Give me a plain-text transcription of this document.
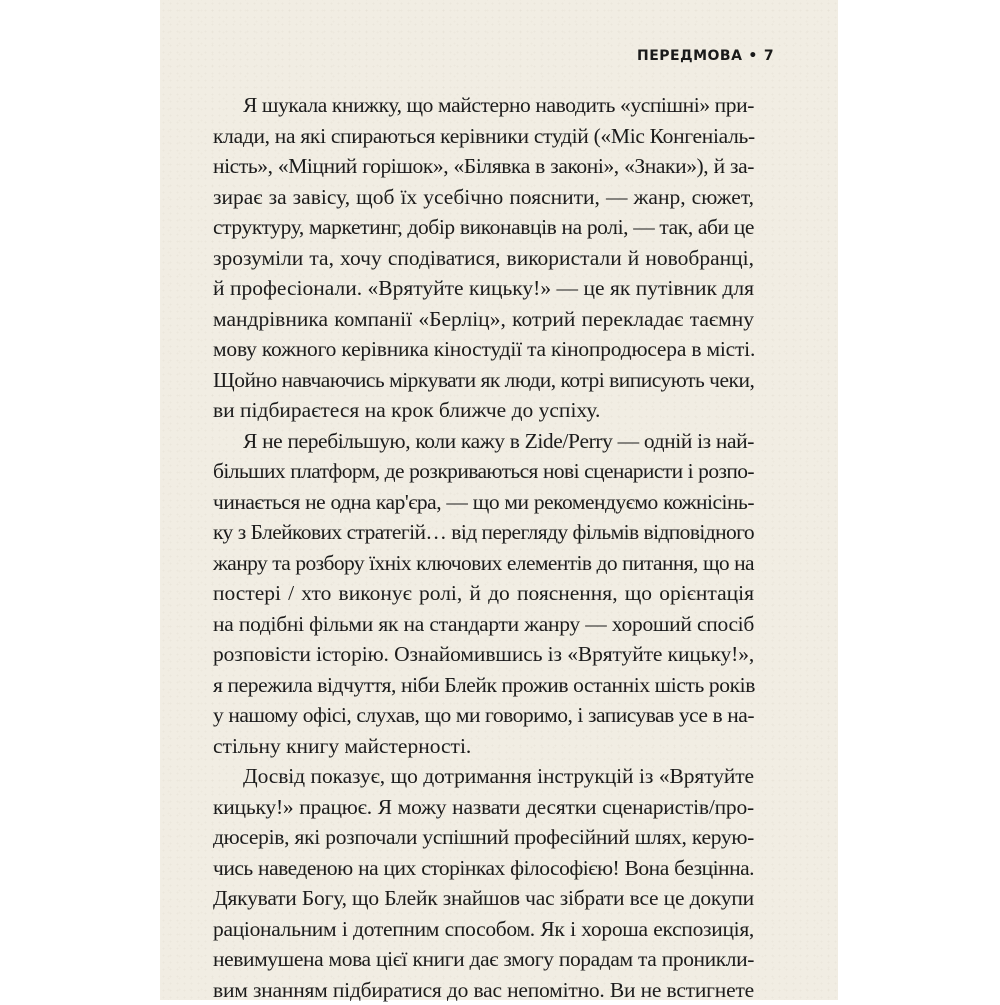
ПЕРЕДМОВА • 7
Я шукала книжку, що майстерно наводить «успішні» при-
клади, на які спираються керівники студій («Міс Конгеніаль-
ність», «Міцний горішок», «Білявка в законі», «Знаки»), й за-
зирає за завісу, щоб їх усебічно пояснити, — жанр, сюжет,
структуру, маркетинг, добір виконавців на ролі, — так, аби це
зрозуміли та, хочу сподіватися, використали й новобранці,
й професіонали. «Врятуйте кицьку!» — це як путівник для
мандрівника компанії «Берліц», котрий перекладає таємну
мову кожного керівника кіностудії та кінопродюсера в місті.
Щойно навчаючись міркувати як люди, котрі виписують чеки,
ви підбираєтеся на крок ближче до успіху.
Я не перебільшую, коли кажу в Zide/Perry — одній із най-
більших платформ, де розкриваються нові сценаристи і розпо-
чинається не одна кар'єра, — що ми рекомендуємо кожнісінь-
ку з Блейкових стратегій… від перегляду фільмів відповідного
жанру та розбору їхніх ключових елементів до питання, що на
постері / хто виконує ролі, й до пояснення, що орієнтація
на подібні фільми як на стандарти жанру — хороший спосіб
розповісти історію. Ознайомившись із «Врятуйте кицьку!»,
я пережила відчуття, ніби Блейк прожив останніх шість років
у нашому офісі, слухав, що ми говоримо, і записував усе в на-
стільну книгу майстерності.
Досвід показує, що дотримання інструкцій із «Врятуйте
кицьку!» працює. Я можу назвати десятки сценаристів/про-
дюсерів, які розпочали успішний професійний шлях, керую-
чись наведеною на цих сторінках філософією! Вона безцінна.
Дякувати Богу, що Блейк знайшов час зібрати все це докупи
раціональним і дотепним способом. Як і хороша експозиція,
невимушена мова цієї книги дає змогу порадам та проникли-
вим знанням підбиратися до вас непомітно. Ви не встигнете
